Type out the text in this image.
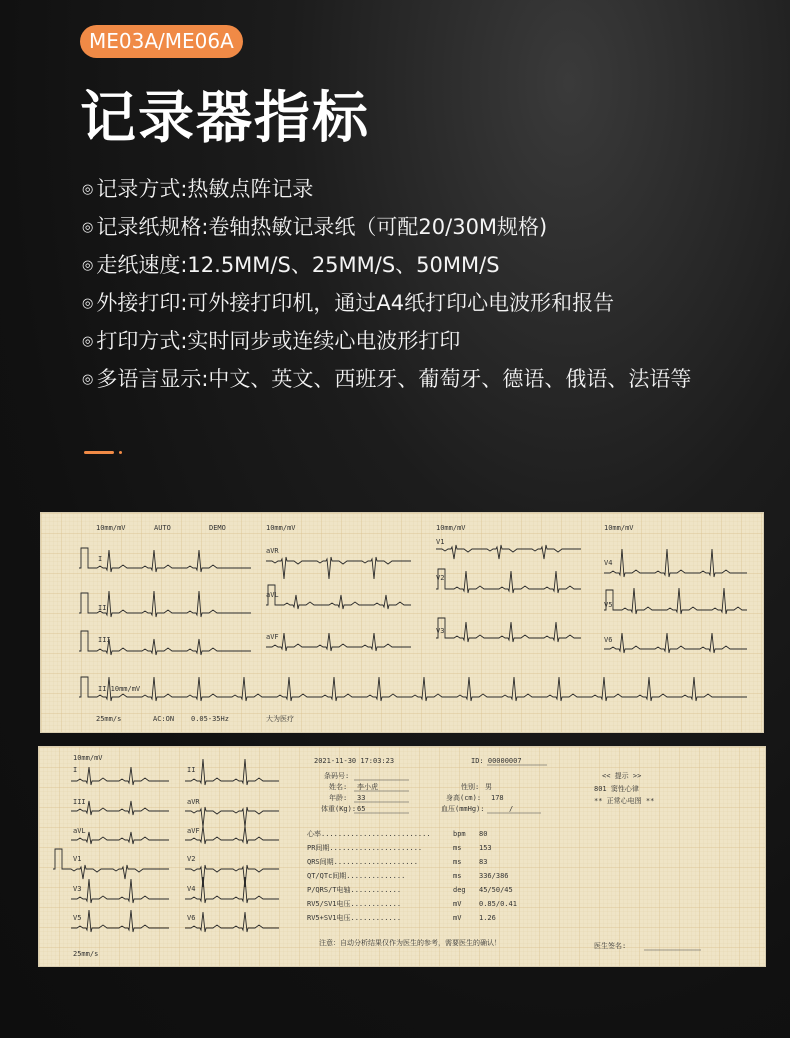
ME03A/ME06A
记录器指标
◎ 记录方式:热敏点阵记录
◎ 记录纸规格:卷轴热敏记录纸（可配20/30M规格)
◎ 走纸速度:12.5MM/S、25MM/S、50MM/S
◎ 外接打印:可外接打印机，通过A4纸打印心电波形和报告
◎ 打印方式:实时同步或连续心电波形打印
◎ 多语言显示:中文、英文、西班牙、葡萄牙、德语、俄语、法语等
10mm/mV	AUTO	DEMO	10mm/mV	10mm/mV	10mm/mV
I
II
III
aVR
aVL
aVF
V1
V2
V3
V4
V5
V6
II 10mm/mV
25mm/s	AC:ON 0.05-35Hz	大为医疗
10mm/mV
I	II
III	aVR
aVL	aVF
V1	V2
V3	V4
V5	V6
25mm/s
2021-11-30 17:03:23	ID: 00000007
条码号:
姓名: 李小虎	性别: 男
年龄: 33	身高(cm): 178
体重(Kg): 65	血压(mmHg):	/
心率..........................	bpm 80
PR间期......................	ms	153
QRS间期....................	ms	83
QT/QTc间期..............	ms	336/386
P/QRS/T电轴............	deg 45/50/45
RV5/SV1电压............	mV	0.85/0.41
RV5+SV1电压............	mV	1.26
<< 提示 >>
801 窦性心律
** 正常心电图 **
注意：自动分析结果仅作为医生的参考，需要医生的确认！	医生签名:
